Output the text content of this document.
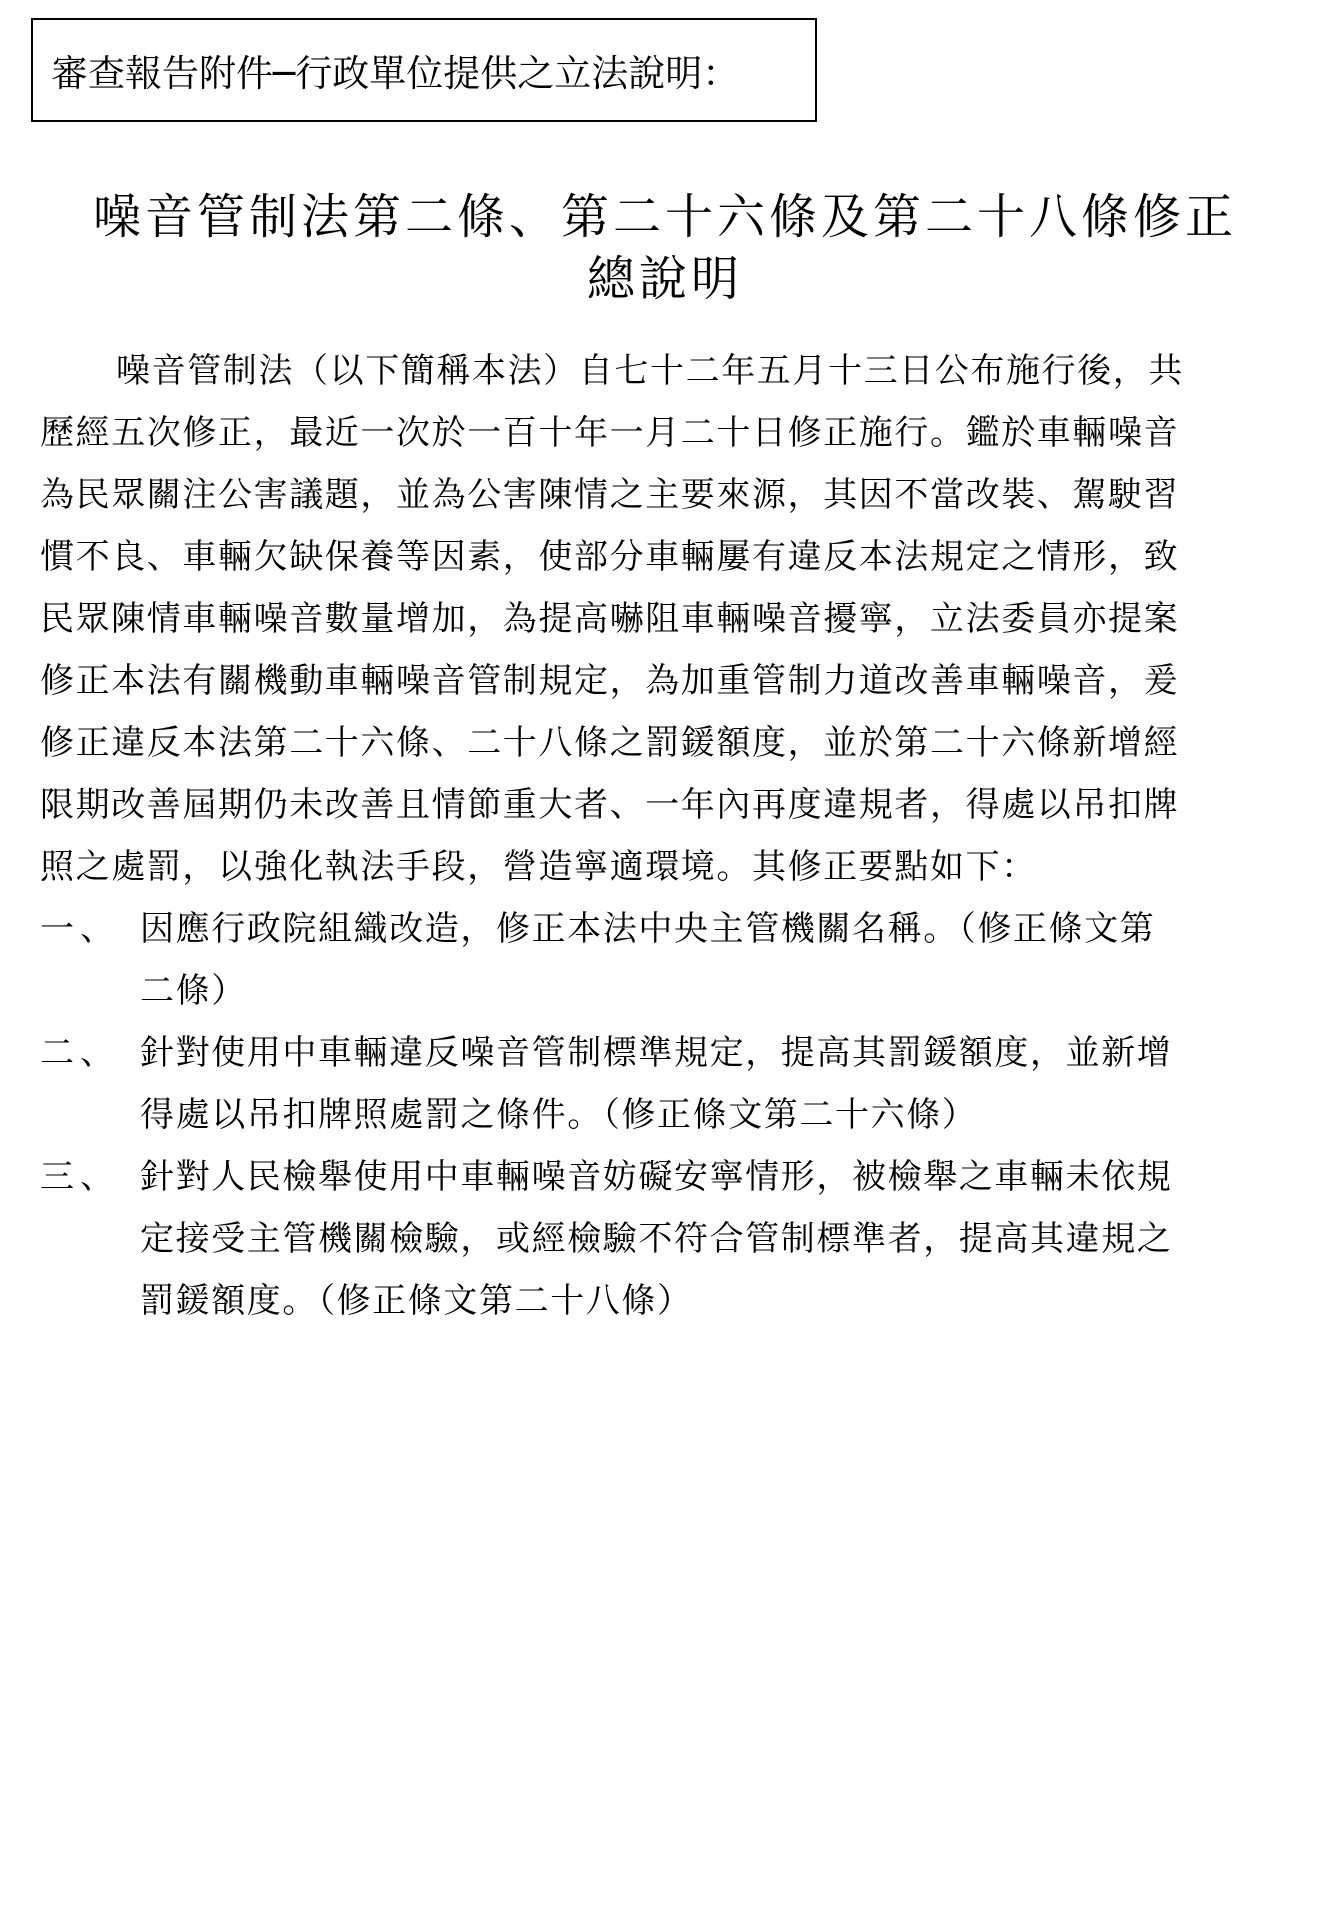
審查報告附件─行政單位提供之立法說明：
噪音管制法第二條、第二十六條及第二十八條修正
總說明
噪音管制法（以下簡稱本法）自七十二年五月十三日公布施行後，共
歷經五次修正，最近一次於一百十年一月二十日修正施行。鑑於車輛噪音
為民眾關注公害議題，並為公害陳情之主要來源，其因不當改裝、駕駛習
慣不良、車輛欠缺保養等因素，使部分車輛屢有違反本法規定之情形，致
民眾陳情車輛噪音數量增加，為提高嚇阻車輛噪音擾寧，立法委員亦提案
修正本法有關機動車輛噪音管制規定，為加重管制力道改善車輛噪音，爰
修正違反本法第二十六條、二十八條之罰鍰額度，並於第二十六條新增經
限期改善屆期仍未改善且情節重大者、一年內再度違規者，得處以吊扣牌
照之處罰，以強化執法手段，營造寧適環境。其修正要點如下：
一、 因應行政院組織改造，修正本法中央主管機關名稱。（修正條文第
二條）
二、 針對使用中車輛違反噪音管制標準規定，提高其罰鍰額度，並新增
得處以吊扣牌照處罰之條件。（修正條文第二十六條）
三、 針對人民檢舉使用中車輛噪音妨礙安寧情形，被檢舉之車輛未依規
定接受主管機關檢驗，或經檢驗不符合管制標準者，提高其違規之
罰鍰額度。（修正條文第二十八條）
